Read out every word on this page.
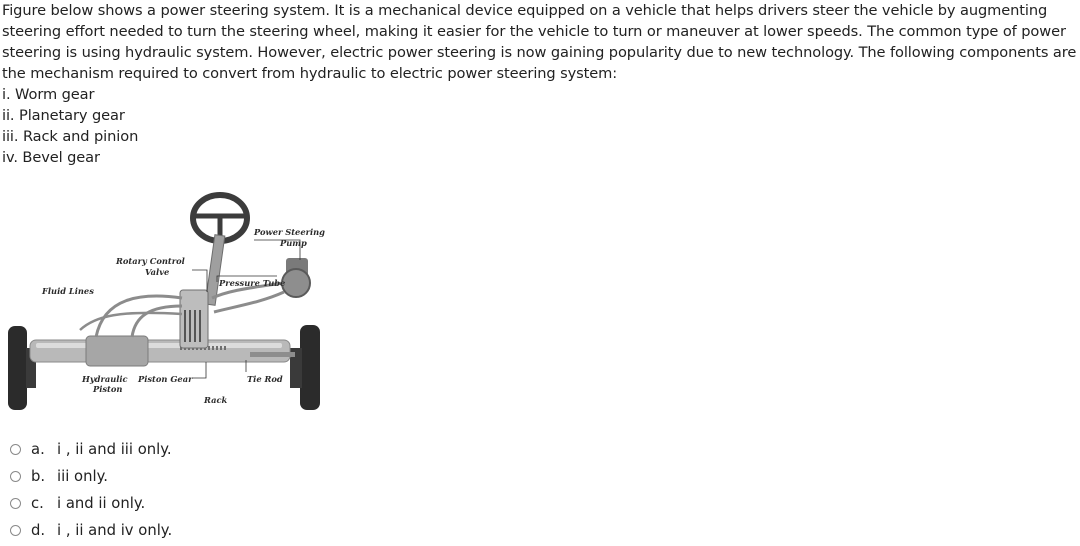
Figure below shows a power steering system. It is a mechanical device equipped on a vehicle that helps drivers steer the vehicle by augmenting steering effort needed to turn the steering wheel, making it easier for the vehicle to turn or maneuver at lower speeds. The common type of power steering is using hydraulic system. However, electric power steering is now gaining popularity due to new technology. The following components are the mechanism required to convert from hydraulic to electric power steering system:

i. Worm gear
ii. Planetary gear
iii. Rack and pinion
iv. Bevel gear
Power Steering
Pump
Rotary Control
Valve
Pressure Tube
Fluid Lines
Hydraulic
Piston
Piston Gear	Tie Rod
Rack
a. i , ii and iii only.
b. iii only.
c. i and ii only.
d. i , ii and iv only.
